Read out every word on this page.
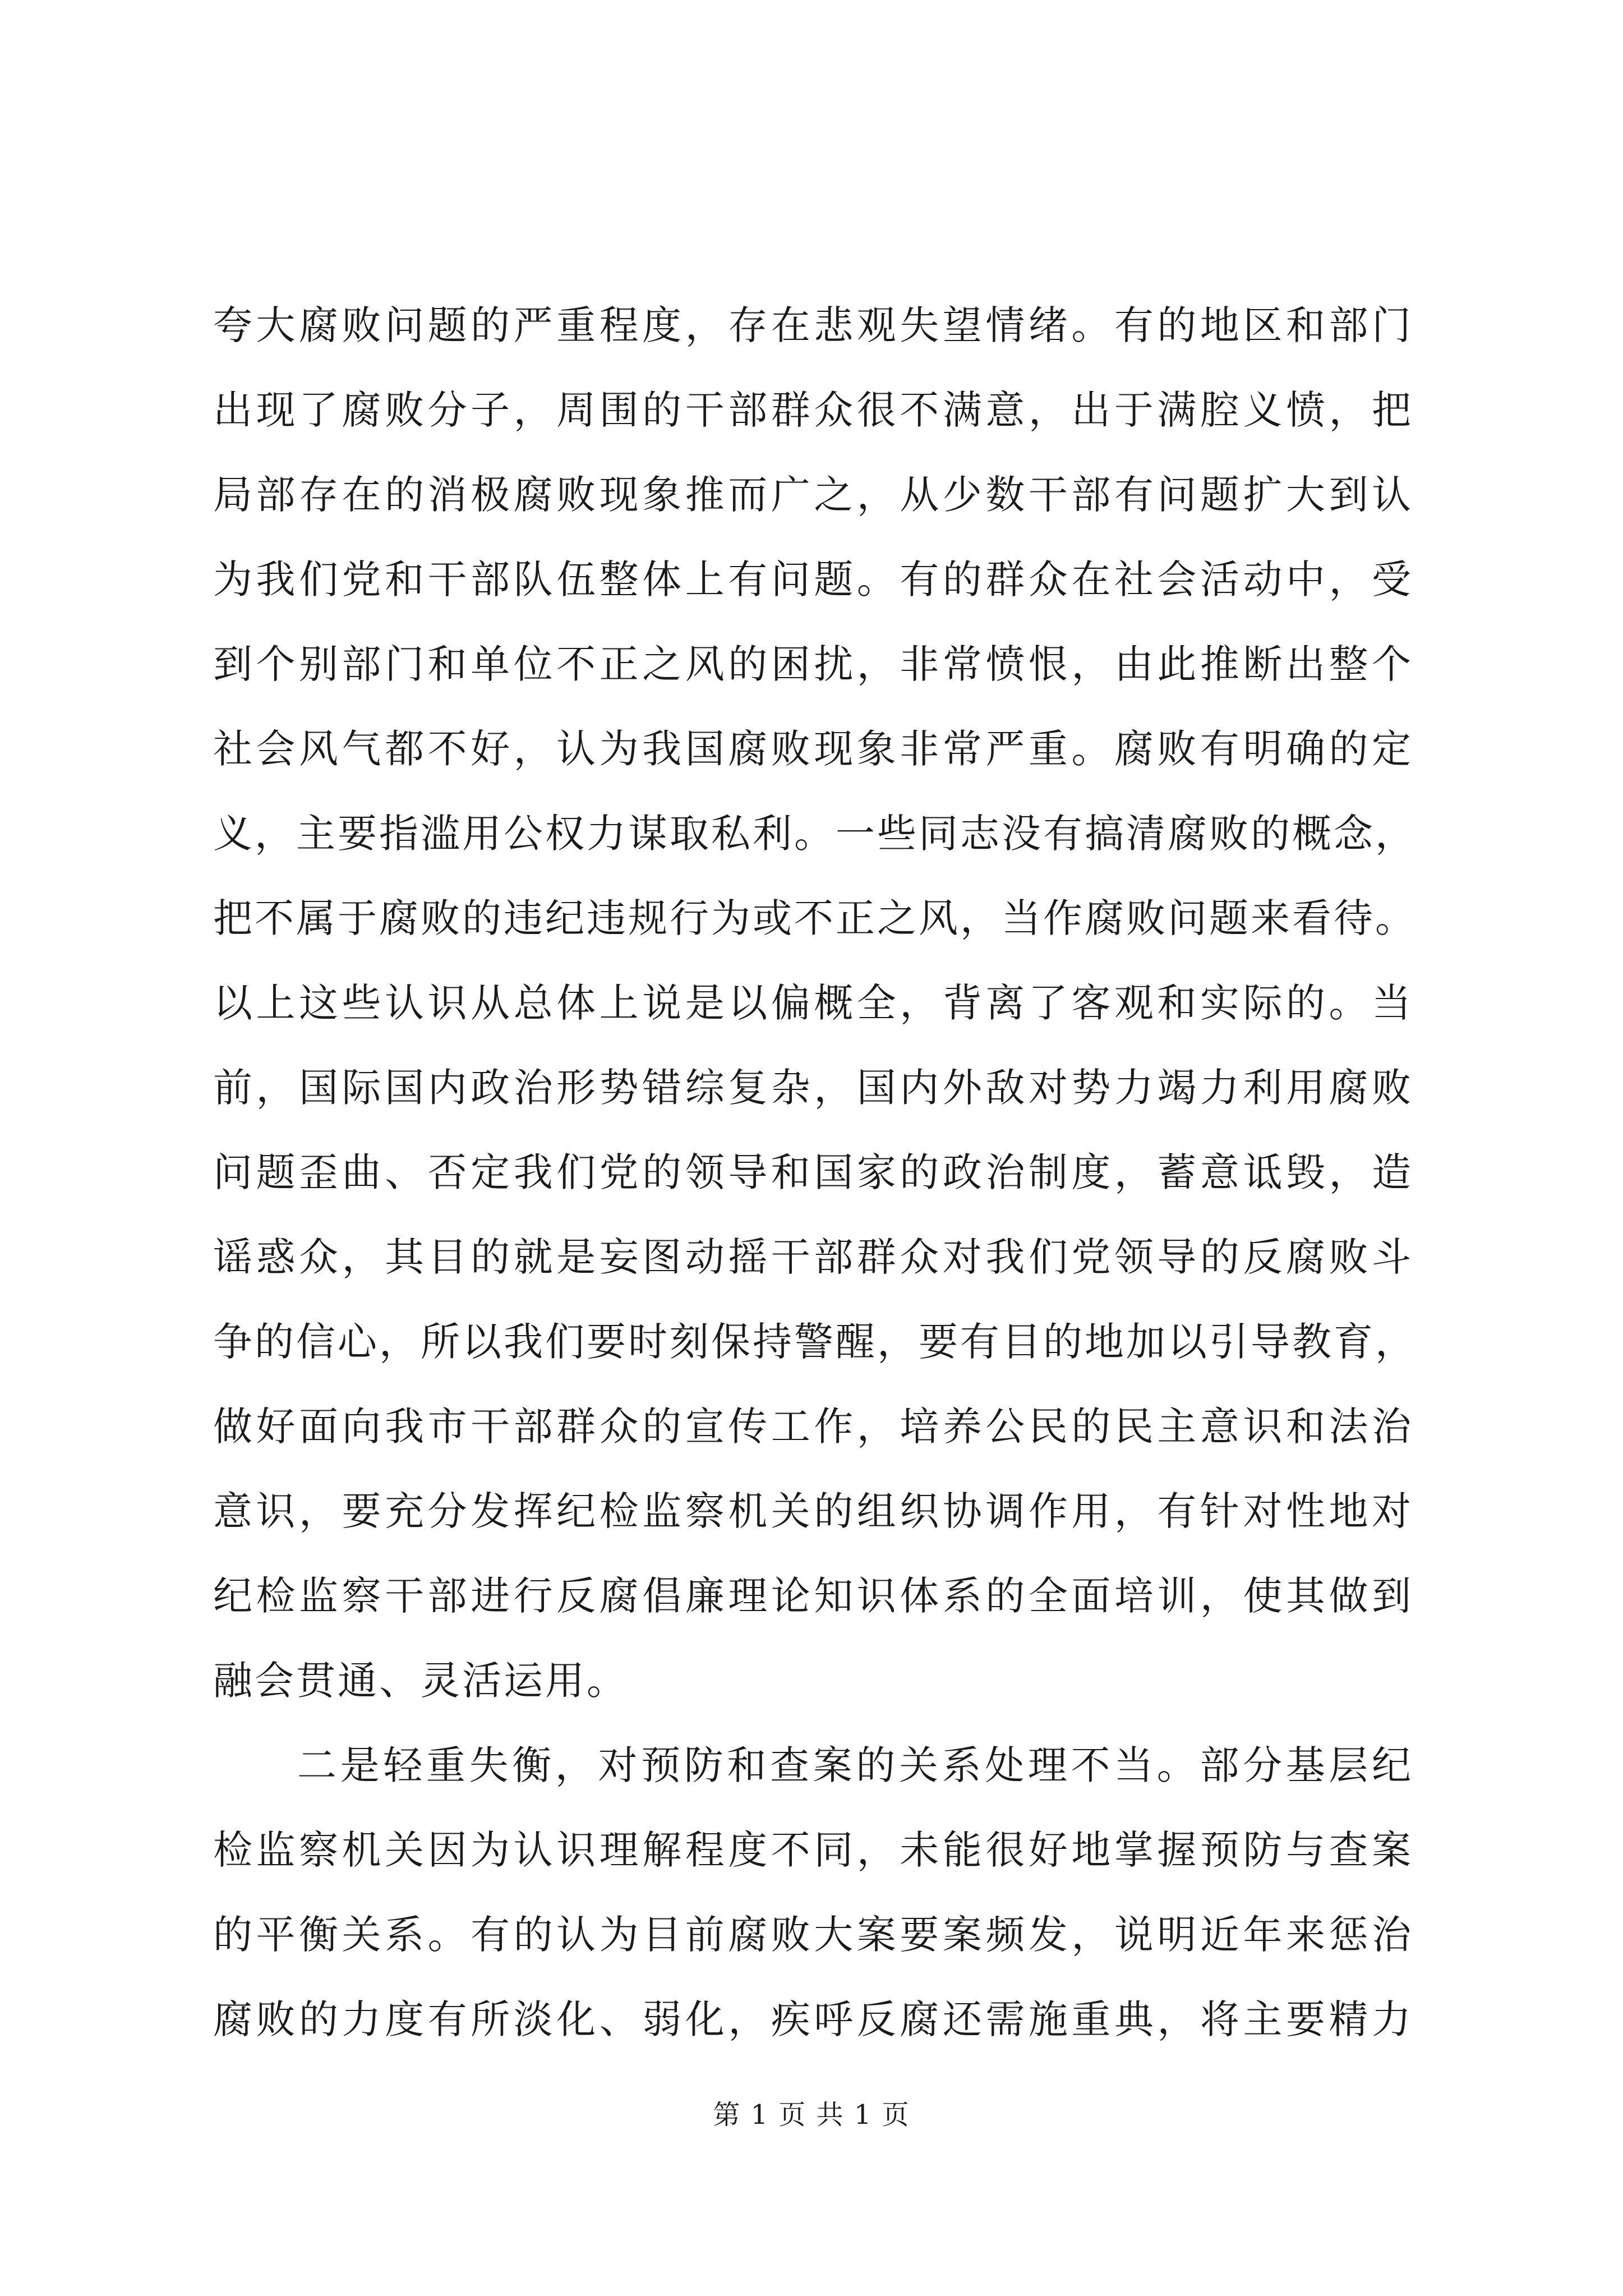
夸大腐败问题的严重程度，存在悲观失望情绪。有的地区和部门
出现了腐败分子，周围的干部群众很不满意，出于满腔义愤，把
局部存在的消极腐败现象推而广之，从少数干部有问题扩大到认
为我们党和干部队伍整体上有问题。有的群众在社会活动中，受
到个别部门和单位不正之风的困扰，非常愤恨，由此推断出整个
社会风气都不好，认为我国腐败现象非常严重。腐败有明确的定
义，主要指滥用公权力谋取私利。一些同志没有搞清腐败的概念，
把不属于腐败的违纪违规行为或不正之风，当作腐败问题来看待。
以上这些认识从总体上说是以偏概全，背离了客观和实际的。当
前，国际国内政治形势错综复杂，国内外敌对势力竭力利用腐败
问题歪曲、否定我们党的领导和国家的政治制度，蓄意诋毁，造
谣惑众，其目的就是妄图动摇干部群众对我们党领导的反腐败斗
争的信心，所以我们要时刻保持警醒，要有目的地加以引导教育，
做好面向我市干部群众的宣传工作，培养公民的民主意识和法治
意识，要充分发挥纪检监察机关的组织协调作用，有针对性地对
纪检监察干部进行反腐倡廉理论知识体系的全面培训，使其做到
融会贯通、灵活运用。
二是轻重失衡，对预防和查案的关系处理不当。部分基层纪
检监察机关因为认识理解程度不同，未能很好地掌握预防与查案
的平衡关系。有的认为目前腐败大案要案频发，说明近年来惩治
腐败的力度有所淡化、弱化，疾呼反腐还需施重典，将主要精力
第 1 页 共 1 页
